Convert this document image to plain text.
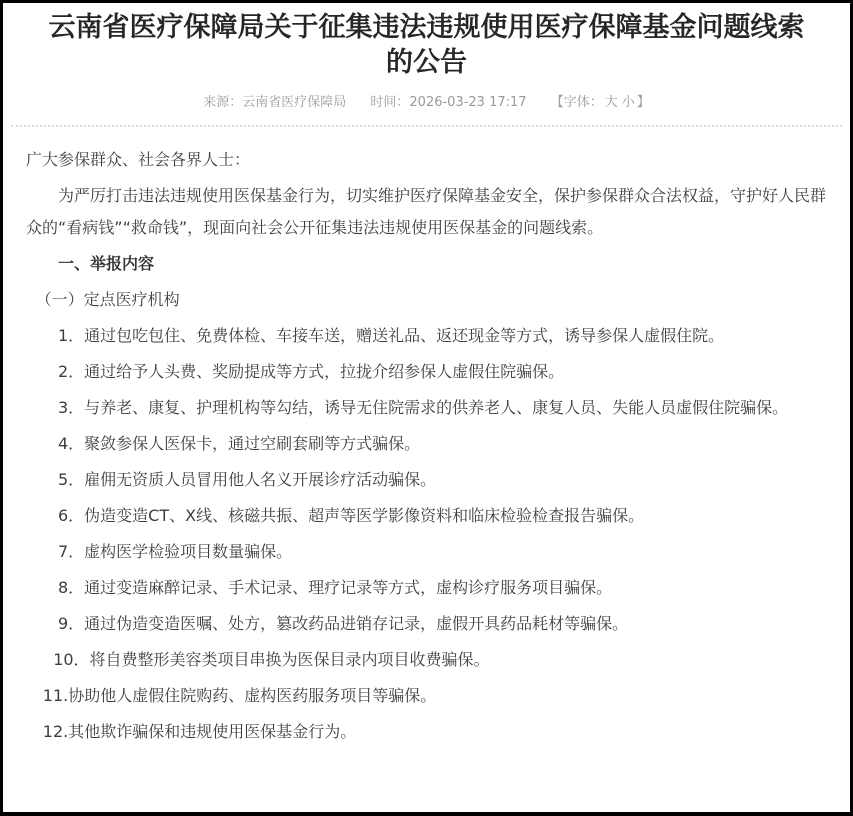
云南省医疗保障局关于征集违法违规使用医疗保障基金问题线索的公告
来源：云南省医疗保障局 时间：2026-03-23 17:17 【字体： 大 小 】

广大参保群众、社会各界人士：

为严厉打击违法违规使用医保基金行为，切实维护医疗保障基金安全，保护参保群众合法权益，守护好人民群众的“看病钱”“救命钱”，现面向社会公开征集违法违规使用医保基金的问题线索。

一、举报内容

（一）定点医疗机构

1．通过包吃包住、免费体检、车接车送，赠送礼品、返还现金等方式，诱导参保人虚假住院。

2．通过给予人头费、奖励提成等方式，拉拢介绍参保人虚假住院骗保。

3．与养老、康复、护理机构等勾结，诱导无住院需求的供养老人、康复人员、失能人员虚假住院骗保。

4．聚敛参保人医保卡，通过空刷套刷等方式骗保。

5．雇佣无资质人员冒用他人名义开展诊疗活动骗保。

6．伪造变造CT、X线、核磁共振、超声等医学影像资料和临床检验检查报告骗保。

7．虚构医学检验项目数量骗保。

8．通过变造麻醉记录、手术记录、理疗记录等方式，虚构诊疗服务项目骗保。

9．通过伪造变造医嘱、处方，篡改药品进销存记录，虚假开具药品耗材等骗保。

10．将自费整形美容类项目串换为医保目录内项目收费骗保。

11.协助他人虚假住院购药、虚构医药服务项目等骗保。

12.其他欺诈骗保和违规使用医保基金行为。
